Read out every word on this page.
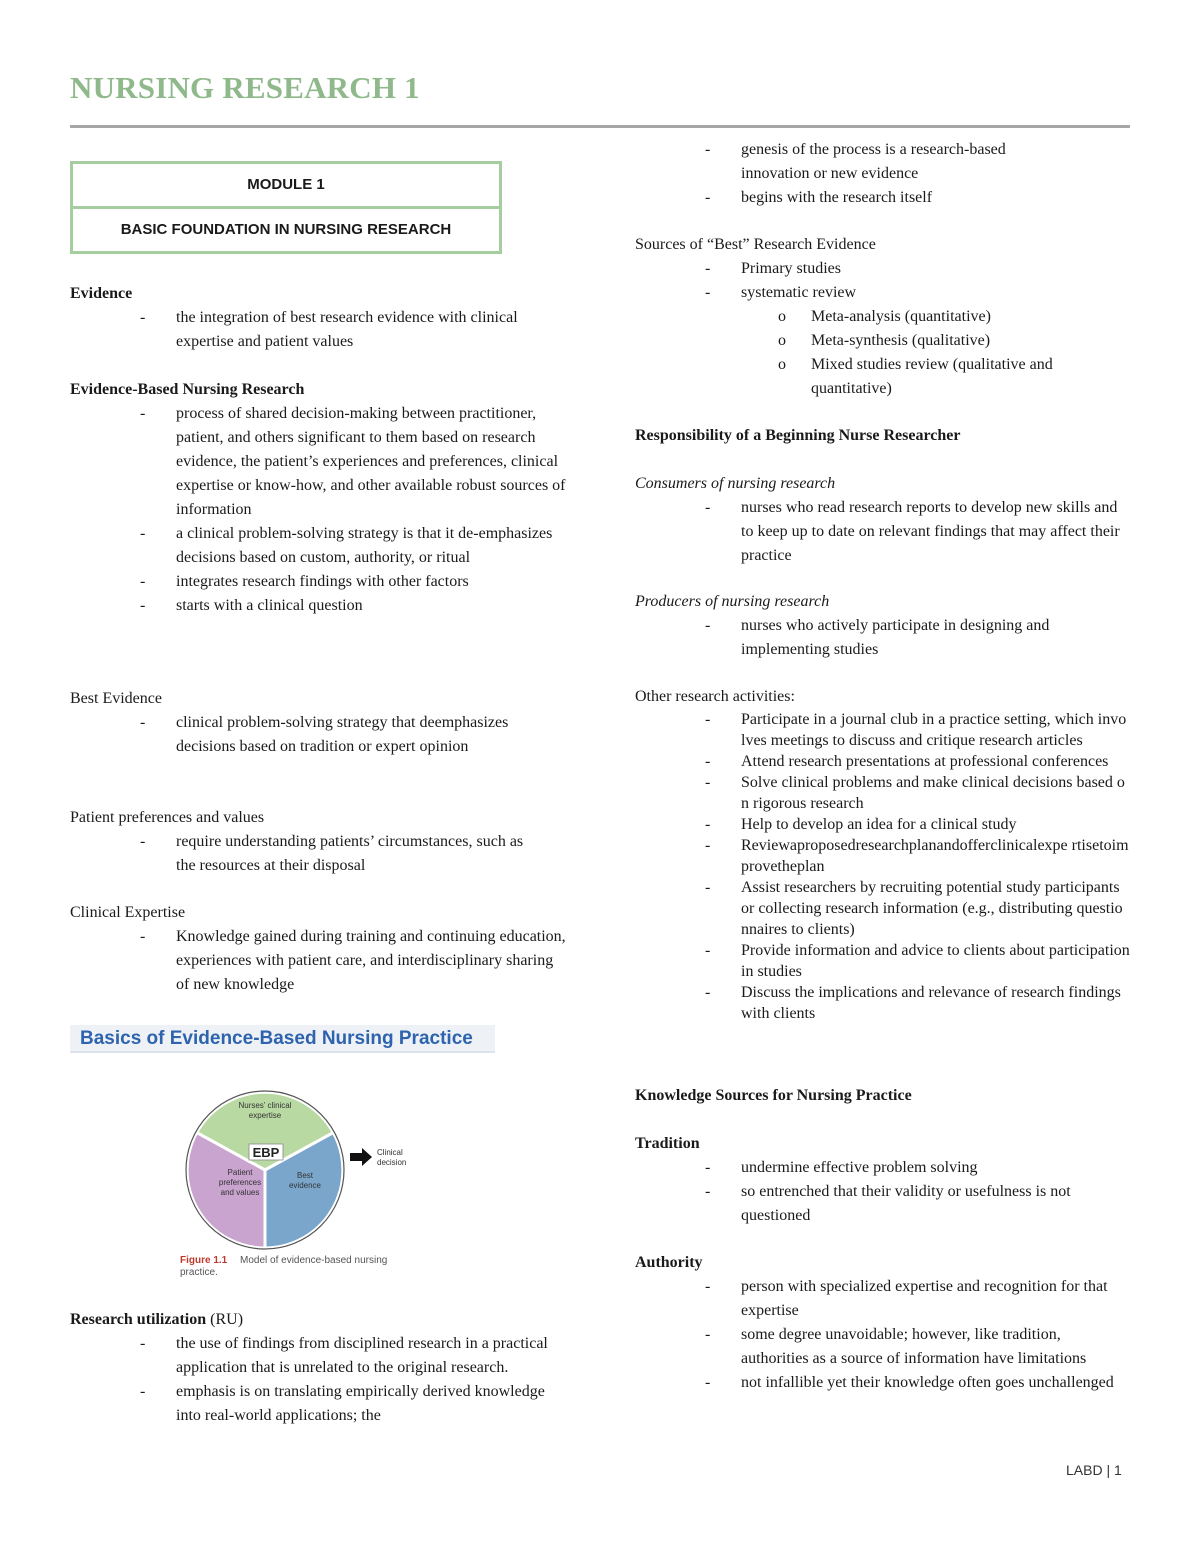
NURSING RESEARCH 1
MODULE 1
BASIC FOUNDATION IN NURSING RESEARCH
Evidence
- the integration of best research evidence with clinical expertise and patient values
Evidence-Based Nursing Research
- process of shared decision-making between practitioner, patient, and others significant to them based on research evidence, the patient’s experiences and preferences, clinical expertise or know-how, and other available robust sources of information
- a clinical problem-solving strategy is that it de-emphasizes decisions based on custom, authority, or ritual
- integrates research findings with other factors
- starts with a clinical question
Best Evidence
- clinical problem-solving strategy that deemphasizes decisions based on tradition or expert opinion
Patient preferences and values
- require understanding patients’ circumstances, such as the resources at their disposal
Clinical Expertise
- Knowledge gained during training and continuing education, experiences with patient care, and interdisciplinary sharing of new knowledge
Research utilization (RU)
- the use of findings from disciplined research in a practical application that is unrelated to the original research.
- emphasis is on translating empirically derived knowledge into real-world applications; the
Basics of Evidence-Based Nursing Practice
Nurses’ clinical
expertise
Patient
preferences
and values
Best
evidence
EBP	Clinical
decision
Figure 1.1 Model of evidence-based nursing
practice.
- genesis of the process is a research-based innovation or new evidence
- begins with the research itself
Sources of “Best” Research Evidence
- Primary studies
- systematic review
o Meta-analysis (quantitative)
o Meta-synthesis (qualitative)
o Mixed studies review (qualitative and quantitative)
Responsibility of a Beginning Nurse Researcher
Consumers of nursing research
- nurses who read research reports to develop new skills and to keep up to date on relevant findings that may affect their practice
Producers of nursing research
- nurses who actively participate in designing and implementing studies
Other research activities:
- Participate in a journal club in a practice setting, which involves meetings to discuss and critique research articles
- Attend research presentations at professional conferences
- Solve clinical problems and make clinical decisions based on rigorous research
- Help to develop an idea for a clinical study
- Reviewaproposedresearchplanandofferclinicalexpe rtisetoimprovetheplan
- Assist researchers by recruiting potential study participants or collecting research information (e.g., distributing questionnaires to clients)
- Provide information and advice to clients about participation in studies
- Discuss the implications and relevance of research findings with clients
Knowledge Sources for Nursing Practice
Tradition
- undermine effective problem solving
- so entrenched that their validity or usefulness is not questioned
Authority
- person with specialized expertise and recognition for that expertise
- some degree unavoidable; however, like tradition, authorities as a source of information have limitations
- not infallible yet their knowledge often goes unchallenged
LABD | 1
